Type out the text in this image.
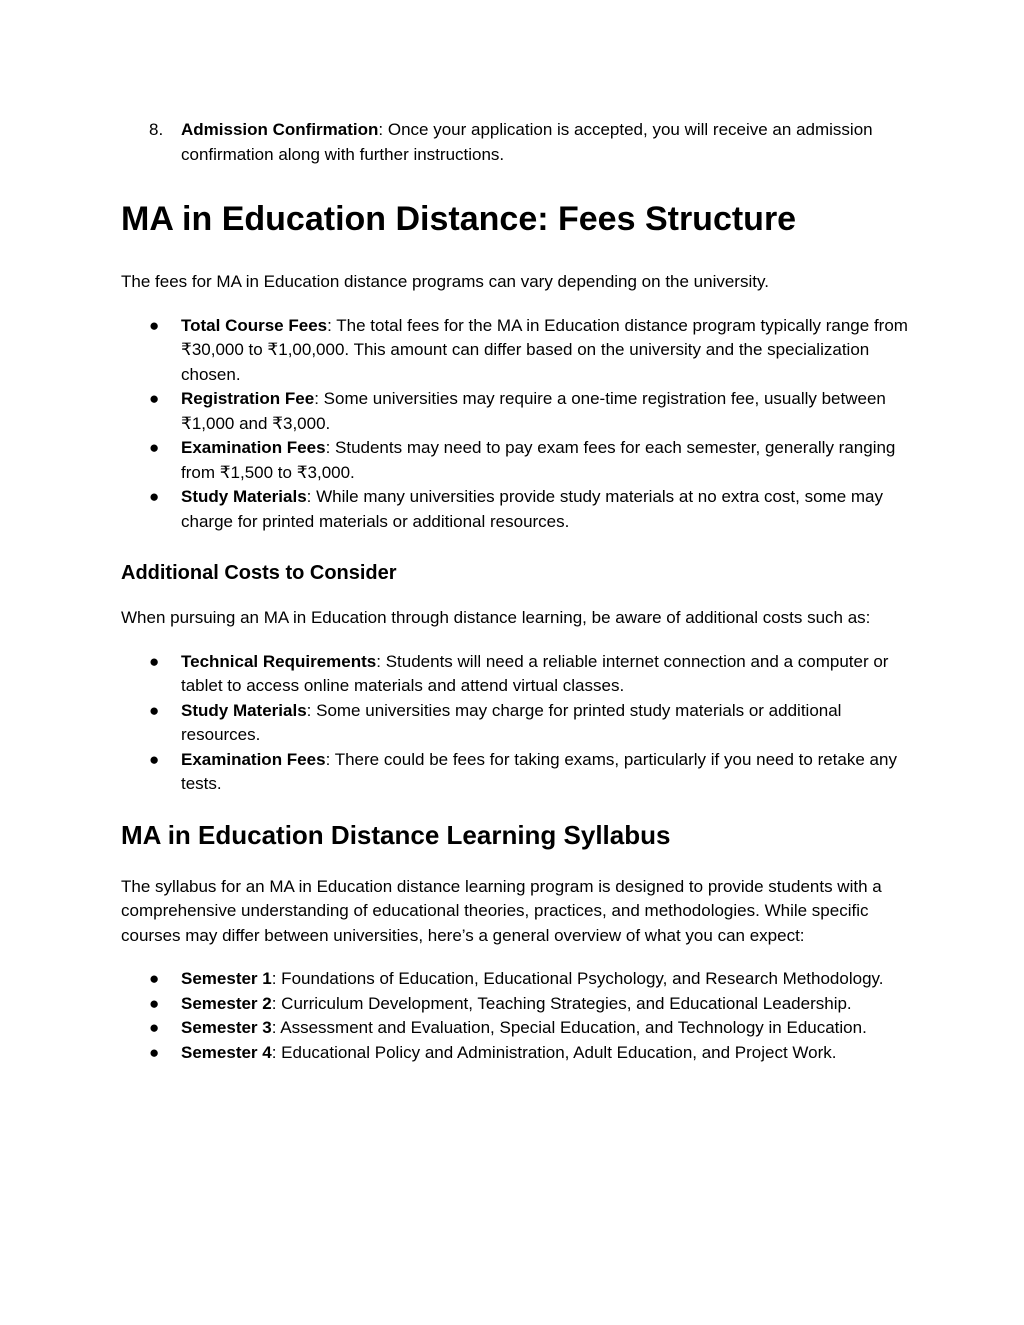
8. Admission Confirmation: Once your application is accepted, you will receive an admission confirmation along with further instructions.
MA in Education Distance: Fees Structure

The fees for MA in Education distance programs can vary depending on the university.

● Total Course Fees: The total fees for the MA in Education distance program typically range from ₹30,000 to ₹1,00,000. This amount can differ based on the university and the specialization chosen.
● Registration Fee: Some universities may require a one-time registration fee, usually between ₹1,000 and ₹3,000.
● Examination Fees: Students may need to pay exam fees for each semester, generally ranging from ₹1,500 to ₹3,000.
● Study Materials: While many universities provide study materials at no extra cost, some may charge for printed materials or additional resources.
Additional Costs to Consider

When pursuing an MA in Education through distance learning, be aware of additional costs such as:

● Technical Requirements: Students will need a reliable internet connection and a computer or tablet to access online materials and attend virtual classes.
● Study Materials: Some universities may charge for printed study materials or additional resources.
● Examination Fees: There could be fees for taking exams, particularly if you need to retake any tests.
MA in Education Distance Learning Syllabus

The syllabus for an MA in Education distance learning program is designed to provide students with a comprehensive understanding of educational theories, practices, and methodologies. While specific courses may differ between universities, here’s a general overview of what you can expect:

● Semester 1: Foundations of Education, Educational Psychology, and Research Methodology.
● Semester 2: Curriculum Development, Teaching Strategies, and Educational Leadership.
● Semester 3: Assessment and Evaluation, Special Education, and Technology in Education.
● Semester 4: Educational Policy and Administration, Adult Education, and Project Work.
